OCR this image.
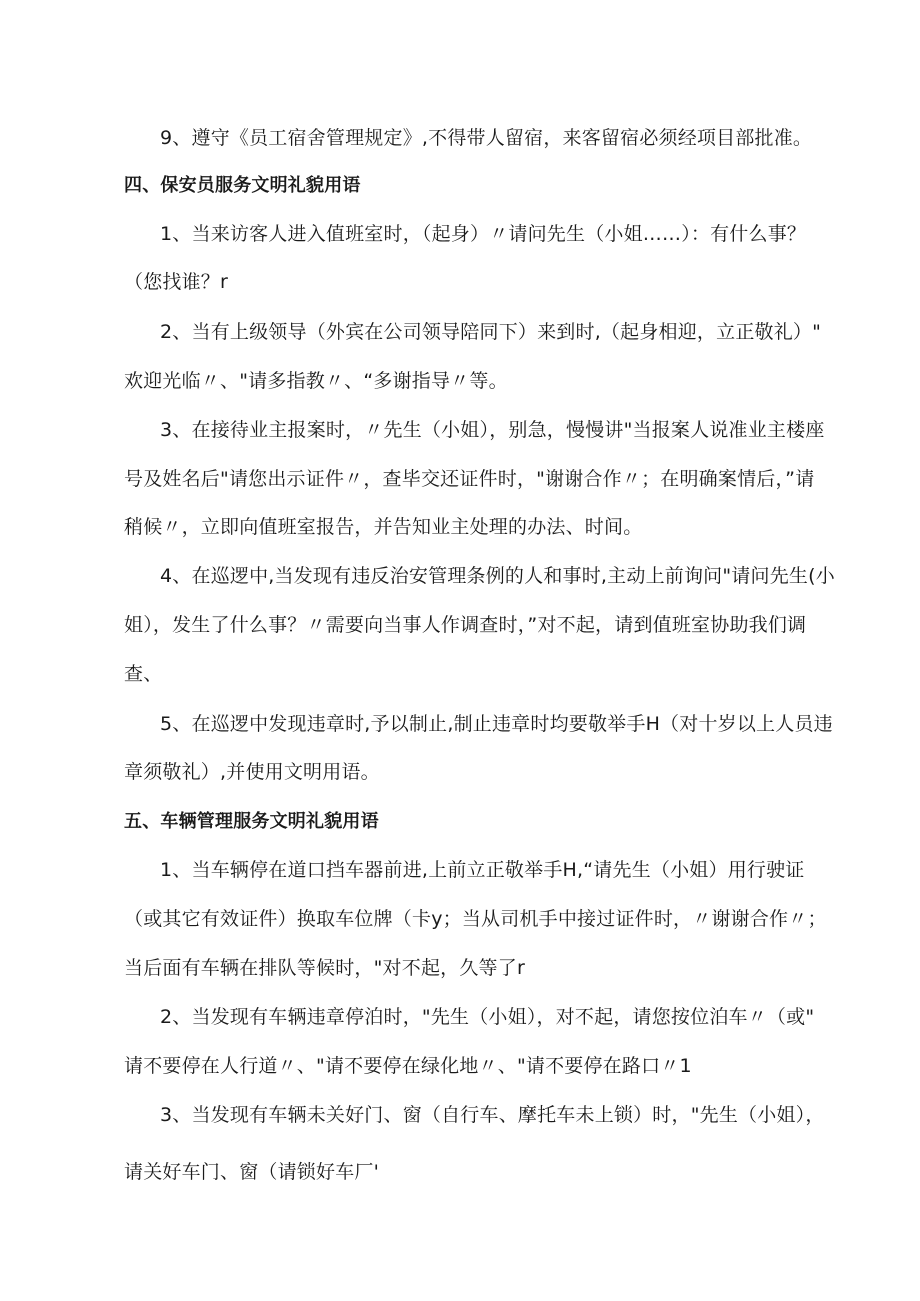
9、遵守《员工宿舍管理规定》,不得带人留宿，来客留宿必须经项目部批准。
四、保安员服务文明礼貌用语
1、当来访客人进入值班室时，（起身）〃请问先生（小姐……）：有什么事？
（您找谁？r
2、当有上级领导（外宾在公司领导陪同下）来到时,（起身相迎，立正敬礼）"
欢迎光临〃、"请多指教〃、“多谢指导〃等。
3、在接待业主报案时，〃先生（小姐），别急，慢慢讲"当报案人说准业主楼座
号及姓名后"请您出示证件〃，查毕交还证件时，"谢谢合作〃；在明确案情后，”请
稍候〃，立即向值班室报告，并告知业主处理的办法、时间。
4、在巡逻中,当发现有违反治安管理条例的人和事时,主动上前询问"请问先生(小
姐），发生了什么事？〃需要向当事人作调查时，”对不起，请到值班室协助我们调
查、
5、在巡逻中发现违章时,予以制止,制止违章时均要敬举手H（对十岁以上人员违
章须敬礼）,并使用文明用语。
五、车辆管理服务文明礼貌用语
1、当车辆停在道口挡车器前进,上前立正敬举手H,“请先生（小姐）用行驶证
（或其它有效证件）换取车位牌（卡y；当从司机手中接过证件时，〃谢谢合作〃；
当后面有车辆在排队等候时，"对不起，久等了r
2、当发现有车辆违章停泊时，"先生（小姐），对不起，请您按位泊车〃（或"
请不要停在人行道〃、"请不要停在绿化地〃、"请不要停在路口〃1
3、当发现有车辆未关好门、窗（自行车、摩托车未上锁）时，"先生（小姐），
请关好车门、窗（请锁好车厂'
